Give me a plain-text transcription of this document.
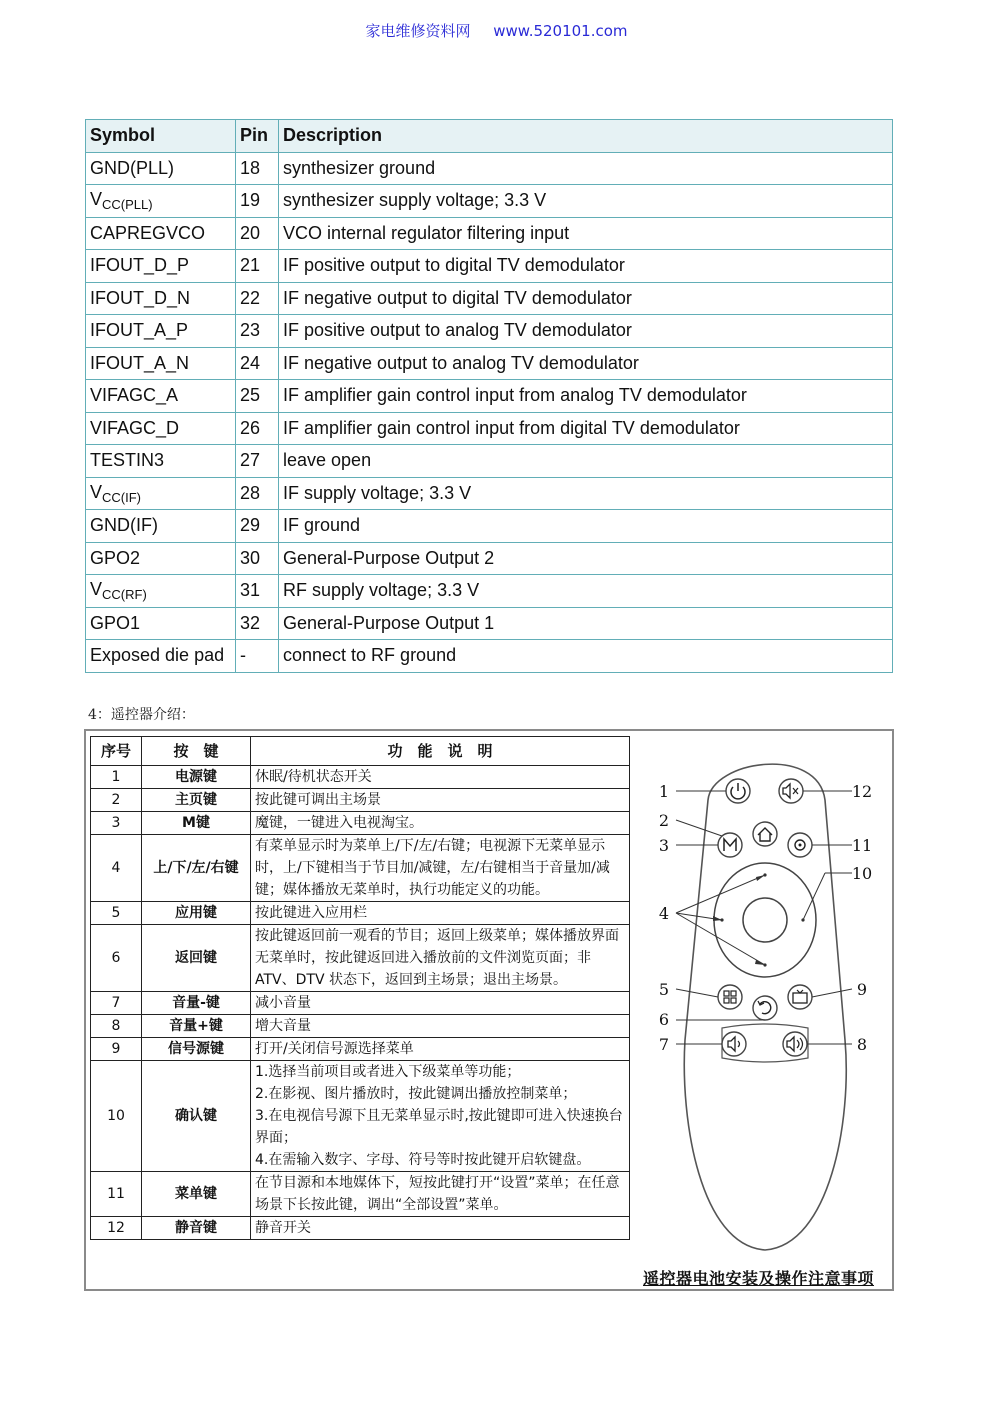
家电维修资料网 www.520101.com
Symbol	Pin	Description
GND(PLL)	18	synthesizer ground
$V_{CC(PLL)}$	19	synthesizer supply voltage; 3.3 V
CAPREGVCO	20	VCO internal regulator filtering input
IFOUT_D_P	21	IF positive output to digital TV demodulator
IFOUT_D_N	22	IF negative output to digital TV demodulator
IFOUT_A_P	23	IF positive output to analog TV demodulator
IFOUT_A_N	24	IF negative output to analog TV demodulator
VIFAGC_A	25	IF amplifier gain control input from analog TV demodulator
VIFAGC_D	26	IF amplifier gain control input from digital TV demodulator
TESTIN3	27	leave open
$V_{CC(IF)}$	28	IF supply voltage; 3.3 V
GND(IF)	29	IF ground
GPO2	30	General-Purpose Output 2
$V_{CC(RF)}$	31	RF supply voltage; 3.3 V
GPO1	32	General-Purpose Output 1
Exposed die pad	-	connect to RF ground
4：遥控器介绍：
序号	按　键	功　能　说　明
1	电源键	休眠/待机状态开关

2	主页键	按此键可调出主场景

3	M键	魔键，一键进入电视淘宝。

4	上/下/左/右键	有菜单显示时为菜单上/下/左/右键；电视源下无菜单显示时，上/下键相当于节目加/减键，左/右键相当于音量加/减键；媒体播放无菜单时，执行功能定义的功能。

5	应用键	按此键进入应用栏

6	返回键	按此键返回前一观看的节目；返回上级菜单；媒体播放界面无菜单时，按此键返回进入播放前的文件浏览页面；非 ATV、DTV 状态下，返回到主场景；退出主场景。

7	音量-键	减小音量

8	音量+键	增大音量

9	信号源键	打开/关闭信号源选择菜单

10	确认键	1.选择当前项目或者进入下级菜单等功能；
2.在影视、图片播放时，按此键调出播放控制菜单；
3.在电视信号源下且无菜单显示时,按此键即可进入快速换台界面；
4.在需输入数字、字母、符号等时按此键开启软键盘。

11	菜单键	在节目源和本地媒体下，短按此键打开“设置”菜单；在任意场景下长按此键，调出“全部设置”菜单。

12	静音键	静音开关
1
2
3
4
5
6
7
12
11
10
9
8
遥控器电池安装及操作注意事项
